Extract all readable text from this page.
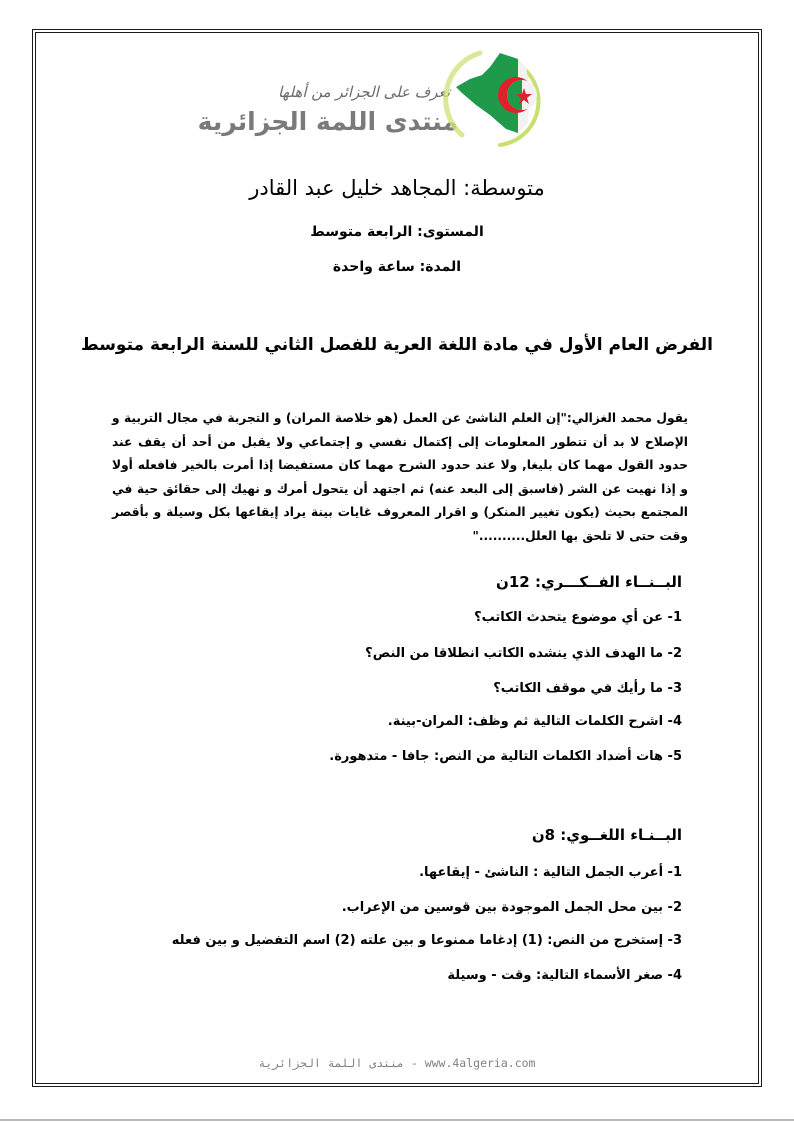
تعرف على الجزائر من أهلها
منتدى اللمة الجزائرية
متوسطة: المجاهد خليل عبد القادر
المستوى: الرابعة متوسط
المدة: ساعة واحدة
الفرض العام الأول في مادة اللغة العرية للفصل الثاني للسنة الرابعة متوسط
يقول محمد الغزالي:"إن العلم الناشئ عن العمل (هو خلاصة المران) و التجربة في مجال التربية و الإصلاح لا بد أن تتطور المعلومات إلى إكتمال نفسي و إجتماعي ولا يقبل من أحد أن يقف عند حدود القول مهما كان بليغا, ولا عند حدود الشرح مهما كان مستفيضا إذا أمرت بالخير فافعله أولا و إذا نهيت عن الشر (فاسبق إلى البعد عنه) ثم اجتهد أن يتحول أمرك و نهيك إلى حقائق حية في المجتمع بحيث (يكون تغيير المنكر) و اقرار المعروف غايات بينة يراد إيقاعها بكل وسيلة و بأقصر وقت حتى لا تلحق بها العلل.........."
البــنــاء الفــكـــري: 12ن
1- عن أي موضوع يتحدث الكاتب؟
2- ما الهدف الذي ينشده الكاتب انطلاقا من النص؟
3- ما رأيك في موقف الكاتب؟
4- اشرح الكلمات التالية ثم وظف: المران-بينة.
5- هات أضداد الكلمات التالية من النص: جافا - متدهورة.
البــنـاء اللغــوي: 8ن
1- أعرب الجمل التالية : الناشئ - إيقاعها.
2- بين محل الجمل الموجودة بين قوسين من الإعراب.
3- إستخرج من النص: (1) إدغاما ممنوعا و بين علته (2) اسم التفضيل و بين فعله
4- صغر الأسماء التالية: وقت - وسيلة
منتدى اللمة الجزائرية - www.4algeria.com
